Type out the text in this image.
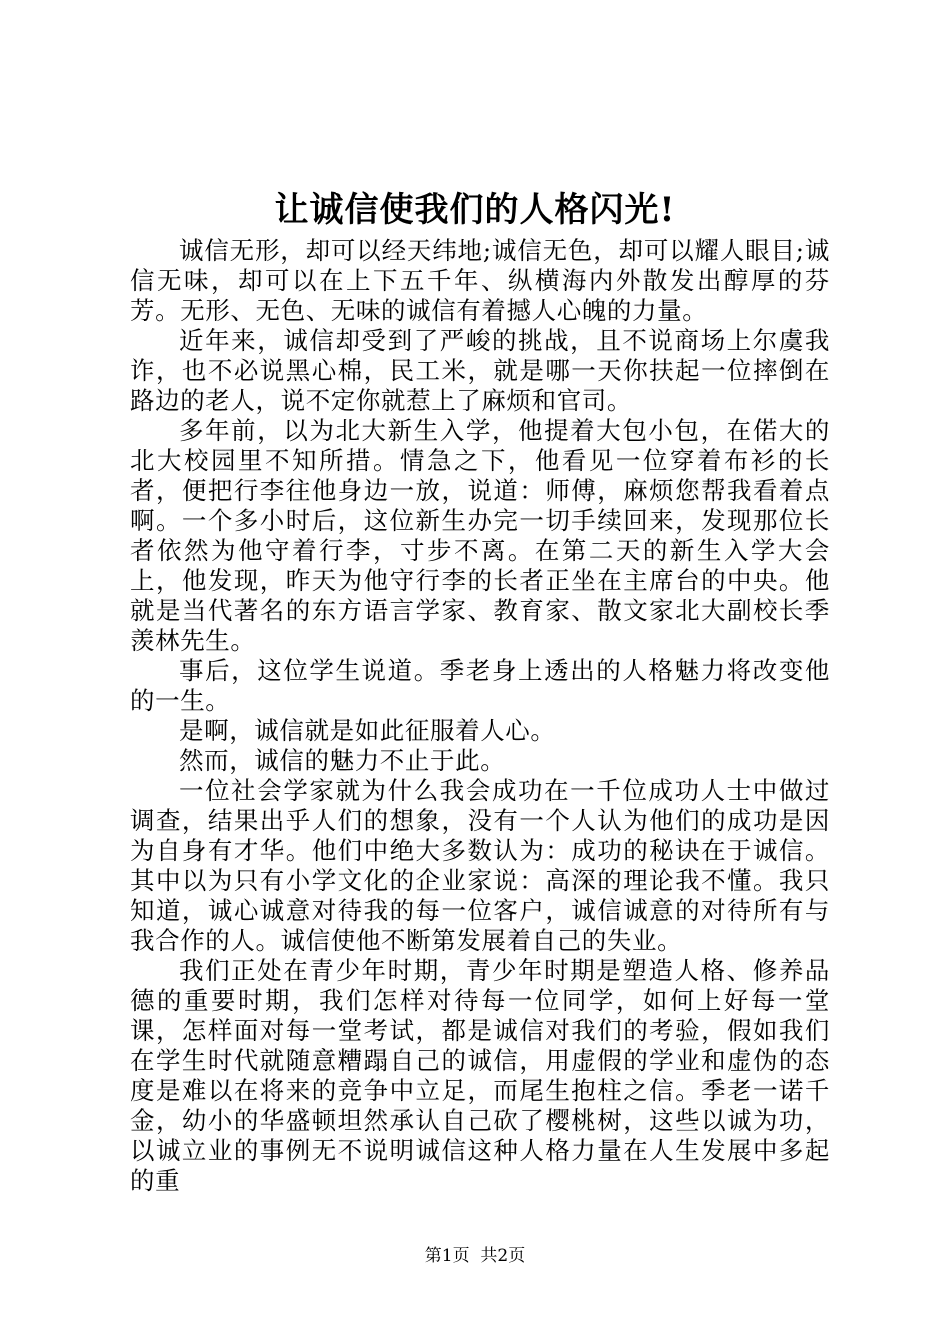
让诚信使我们的人格闪光!

诚信无形，却可以经天纬地;诚信无色，却可以耀人眼目;诚信无味，却可以在上下五千年、纵横海内外散发出醇厚的芬芳。无形、无色、无味的诚信有着撼人心魄的力量。

近年来，诚信却受到了严峻的挑战，且不说商场上尔虞我诈，也不必说黑心棉，民工米，就是哪一天你扶起一位摔倒在路边的老人，说不定你就惹上了麻烦和官司。

多年前，以为北大新生入学，他提着大包小包，在偌大的北大校园里不知所措。情急之下，他看见一位穿着布衫的长者，便把行李往他身边一放，说道：师傅，麻烦您帮我看着点啊。一个多小时后，这位新生办完一切手续回来，发现那位长者依然为他守着行李，寸步不离。在第二天的新生入学大会上，他发现，昨天为他守行李的长者正坐在主席台的中央。他就是当代著名的东方语言学家、教育家、散文家北大副校长季羡林先生。

事后，这位学生说道。季老身上透出的人格魅力将改变他的一生。

是啊，诚信就是如此征服着人心。

然而，诚信的魅力不止于此。

一位社会学家就为什么我会成功在一千位成功人士中做过调查，结果出乎人们的想象，没有一个人认为他们的成功是因为自身有才华。他们中绝大多数认为：成功的秘诀在于诚信。其中以为只有小学文化的企业家说：高深的理论我不懂。我只知道，诚心诚意对待我的每一位客户，诚信诚意的对待所有与我合作的人。诚信使他不断第发展着自己的失业。

我们正处在青少年时期，青少年时期是塑造人格、修养品德的重要时期，我们怎样对待每一位同学，如何上好每一堂课，怎样面对每一堂考试，都是诚信对我们的考验，假如我们在学生时代就随意糟蹋自己的诚信，用虚假的学业和虚伪的态度是难以在将来的竞争中立足，而尾生抱柱之信。季老一诺千金，幼小的华盛顿坦然承认自己砍了樱桃树，这些以诚为功，以诚立业的事例无不说明诚信这种人格力量在人生发展中多起的重

第1页  共2页
